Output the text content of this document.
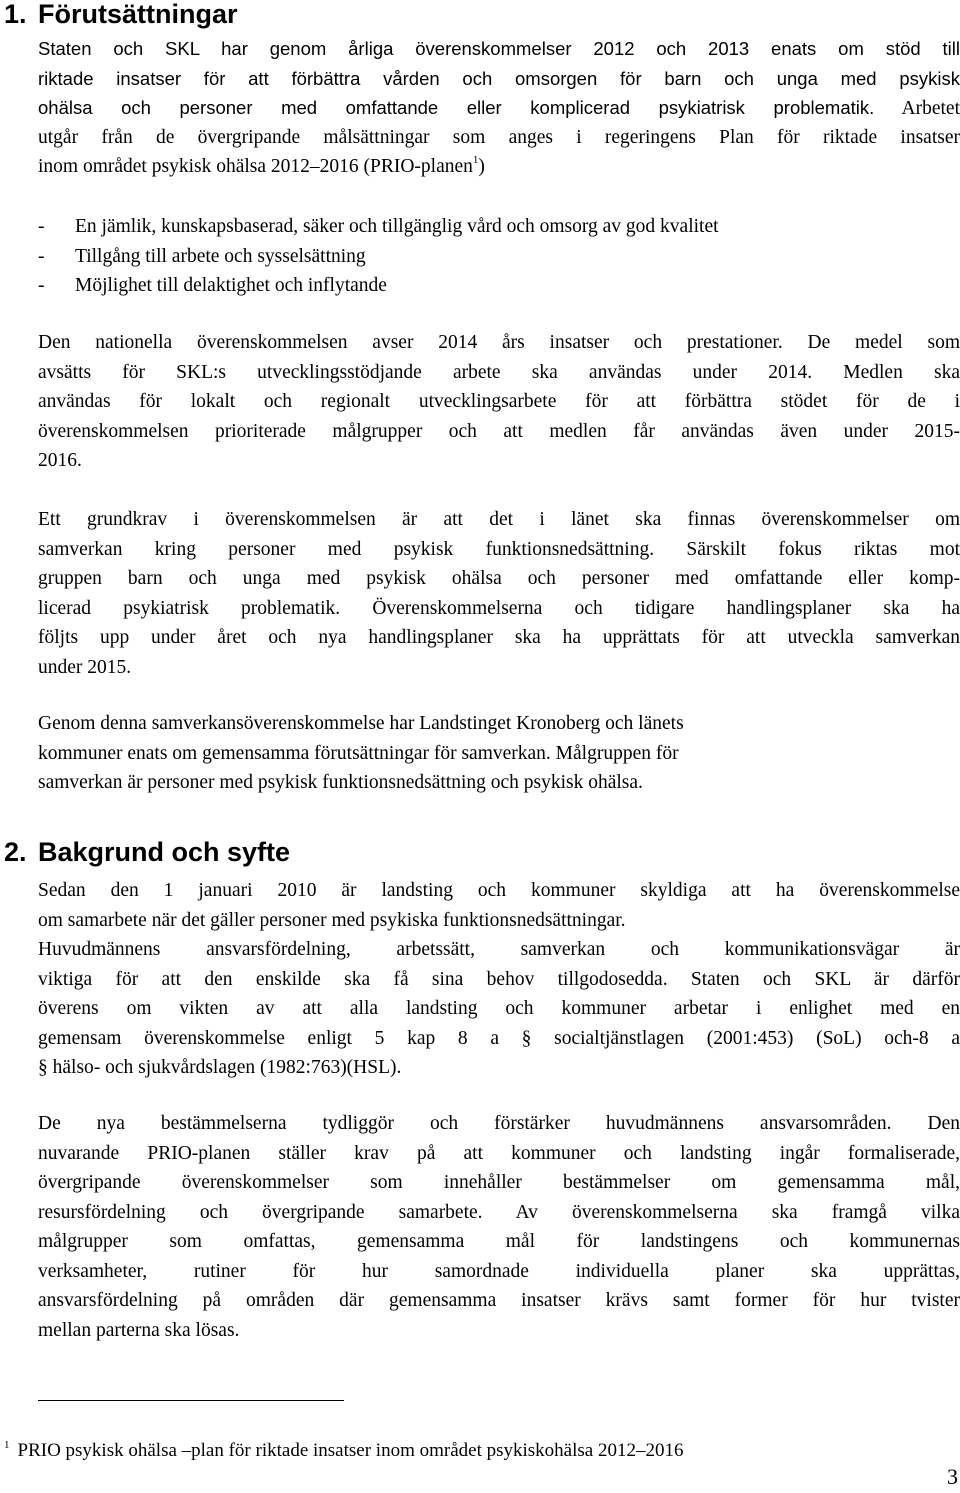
1. Förutsättningar
Staten och SKL har genom årliga överenskommelser 2012 och 2013 enats om stöd till
riktade insatser för att förbättra vården och omsorgen för barn och unga med psykisk
ohälsa och personer med omfattande eller komplicerad psykiatrisk problematik. Arbetet
utgår från de övergripande målsättningar som anges i regeringens Plan för riktade insatser
inom området psykisk ohälsa 2012–2016 (PRIO-planen$^1$)
- En jämlik, kunskapsbaserad, säker och tillgänglig vård och omsorg av god kvalitet
- Tillgång till arbete och sysselsättning
- Möjlighet till delaktighet och inflytande
Den nationella överenskommelsen avser 2014 års insatser och prestationer. De medel som
avsätts för SKL:s utvecklingsstödjande arbete ska användas under 2014. Medlen ska
användas för lokalt och regionalt utvecklingsarbete för att förbättra stödet för de i
överenskommelsen prioriterade målgrupper och att medlen får användas även under 2015-
2016.
Ett grundkrav i överenskommelsen är att det i länet ska finnas överenskommelser om
samverkan kring personer med psykisk funktionsnedsättning. Särskilt fokus riktas mot
gruppen barn och unga med psykisk ohälsa och personer med omfattande eller komp-
licerad psykiatrisk problematik. Överenskommelserna och tidigare handlingsplaner ska ha
följts upp under året och nya handlingsplaner ska ha upprättats för att utveckla samverkan
under 2015.
Genom denna samverkansöverenskommelse har Landstinget Kronoberg och länets
kommuner enats om gemensamma förutsättningar för samverkan. Målgruppen för
samverkan är personer med psykisk funktionsnedsättning och psykisk ohälsa.
2. Bakgrund och syfte
Sedan den 1 januari 2010 är landsting och kommuner skyldiga att ha överenskommelse
om samarbete när det gäller personer med psykiska funktionsnedsättningar.
Huvudmännens ansvarsfördelning, arbetssätt, samverkan och kommunikationsvägar är
viktiga för att den enskilde ska få sina behov tillgodosedda. Staten och SKL är därför
överens om vikten av att alla landsting och kommuner arbetar i enlighet med en
gemensam överenskommelse enligt 5 kap 8 a § socialtjänstlagen (2001:453) (SoL) och-8 a
§ hälso- och sjukvårdslagen (1982:763)(HSL).
De nya bestämmelserna tydliggör och förstärker huvudmännens ansvarsområden. Den
nuvarande PRIO-planen ställer krav på att kommuner och landsting ingår formaliserade,
övergripande överenskommelser som innehåller bestämmelser om gemensamma mål,
resursfördelning och övergripande samarbete. Av överenskommelserna ska framgå vilka
målgrupper som omfattas, gemensamma mål för landstingens och kommunernas
verksamheter, rutiner för hur samordnade individuella planer ska upprättas,
ansvarsfördelning på områden där gemensamma insatser krävs samt former för hur tvister
mellan parterna ska lösas.
$^1$ PRIO psykisk ohälsa –plan för riktade insatser inom området psykiskohälsa 2012–2016
3
